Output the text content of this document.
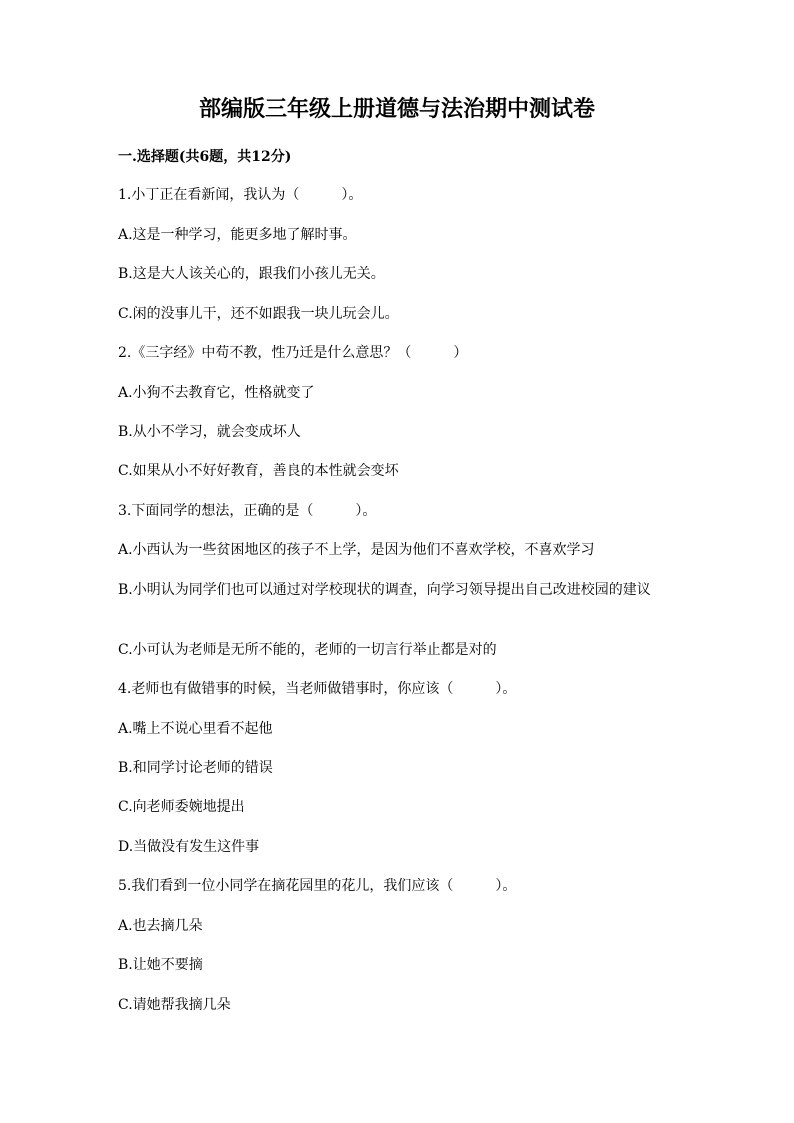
部编版三年级上册道德与法治期中测试卷
一.选择题(共6题，共12分)
1.小丁正在看新闻，我认为（　　　）。
A.这是一种学习，能更多地了解时事。
B.这是大人该关心的，跟我们小孩儿无关。
C.闲的没事儿干，还不如跟我一块儿玩会儿。
2.《三字经》中苟不教，性乃迁是什么意思？（　　　）
A.小狗不去教育它，性格就变了
B.从小不学习，就会变成坏人
C.如果从小不好好教育，善良的本性就会变坏
3.下面同学的想法，正确的是（　　　）。
A.小西认为一些贫困地区的孩子不上学，是因为他们不喜欢学校，不喜欢学习
B.小明认为同学们也可以通过对学校现状的调查，向学习领导提出自己改进校园的建议
C.小可认为老师是无所不能的，老师的一切言行举止都是对的
4.老师也有做错事的时候，当老师做错事时，你应该（　　　）。
A.嘴上不说心里看不起他
B.和同学讨论老师的错误
C.向老师委婉地提出
D.当做没有发生这件事
5.我们看到一位小同学在摘花园里的花儿，我们应该（　　　）。
A.也去摘几朵
B.让她不要摘
C.请她帮我摘几朵
